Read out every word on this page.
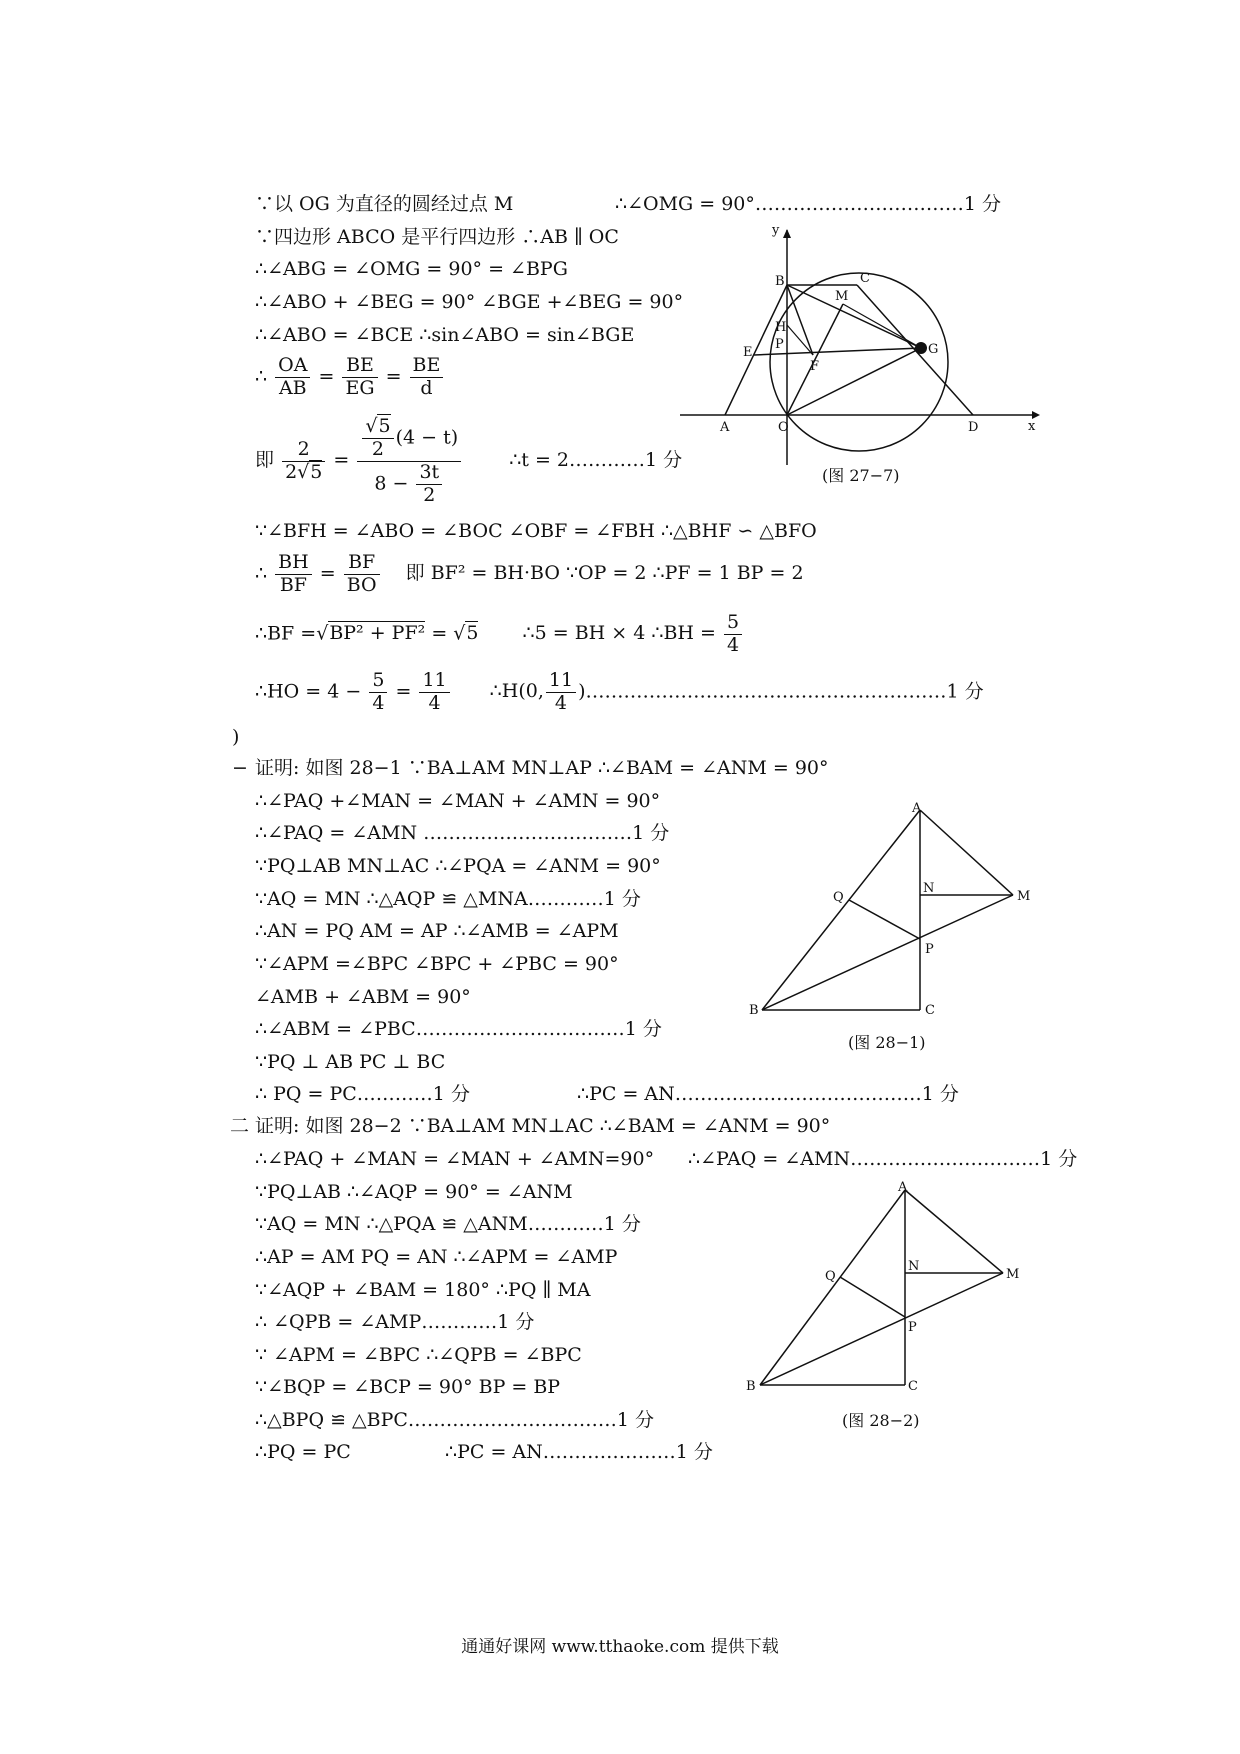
∵以 OG 为直径的圆经过点 M	∴∠OMG = 90°……………………………1 分
∵四边形 ABCO 是平行四边形 ∴AB ∥ OC
∴∠ABG = ∠OMG = 90° = ∠BPG
∴∠ABO + ∠BEG = 90° ∠BGE +∠BEG = 90°
∴∠ABO = ∠BCE ∴sin∠ABO = sin∠BGE
∴ $\frac{OA}{AB} = \frac{BE}{EG} = \frac{BE}{d}$
即 $\frac{2}{2√5} = \frac{\frac{√5}{2} (4 - t)}{8 - \frac{3t}{2}}$	∴t = 2…………1 分
∵∠BFH = ∠ABO = ∠BOC ∠OBF = ∠FBH ∴△BHF ∽ △BFO
∴ $\frac{BH}{BF} = \frac{BF}{BO}$ 即 BF² = BH·BO ∵OP = 2 ∴PF = 1 BP = 2
∴BF =√BP² + PF² = √5 ∴5 = BH × 4 ∴BH = $\frac{5}{4}$
∴HO = $4 - \frac{5}{4} = \frac{11}{4}$ ∴H(0, $\frac{11}{4}$ )…………………………………………………1 分
y
x
A	O	D
B	C
M
H
P
E
F
G
(图 27−7)
)
− 证明: 如图 28−1 ∵BA⊥AM MN⊥AP ∴∠BAM = ∠ANM = 90°
∴∠PAQ +∠MAN = ∠MAN + ∠AMN = 90°
∴∠PAQ = ∠AMN ……………………………1 分
∵PQ⊥AB MN⊥AC ∴∠PQA = ∠ANM = 90°
∵AQ = MN ∴△AQP ≌ △MNA…………1 分
∴AN = PQ AM = AP ∴∠AMB = ∠APM
∵∠APM =∠BPC ∠BPC + ∠PBC = 90°
∠AMB + ∠ABM = 90°
∴∠ABM = ∠PBC……………………………1 分
∵PQ ⊥ AB PC ⊥ BC
∴ PQ = PC…………1 分	∴PC = AN…………………………………1 分
A
Q
N
M
P
B	C
(图 28−1)
二 证明: 如图 28−2 ∵BA⊥AM MN⊥AC ∴∠BAM = ∠ANM = 90°
∴∠PAQ + ∠MAN = ∠MAN + ∠AMN=90° ∴∠PAQ = ∠AMN…………………………1 分
∵PQ⊥AB ∴∠AQP = 90° = ∠ANM
∵AQ = MN ∴△PQA ≌ △ANM…………1 分
∴AP = AM PQ = AN ∴∠APM = ∠AMP
∵∠AQP + ∠BAM = 180° ∴PQ ∥ MA
∴ ∠QPB = ∠AMP…………1 分
∵ ∠APM = ∠BPC ∴∠QPB = ∠BPC
∵∠BQP = ∠BCP = 90° BP = BP
∴△BPQ ≌ △BPC……………………………1 分
∴PQ = PC	∴PC = AN…………………1 分
A
Q
N
M
P
B	C
(图 28−2)
通通好课网 www.tthaoke.com 提供下载
